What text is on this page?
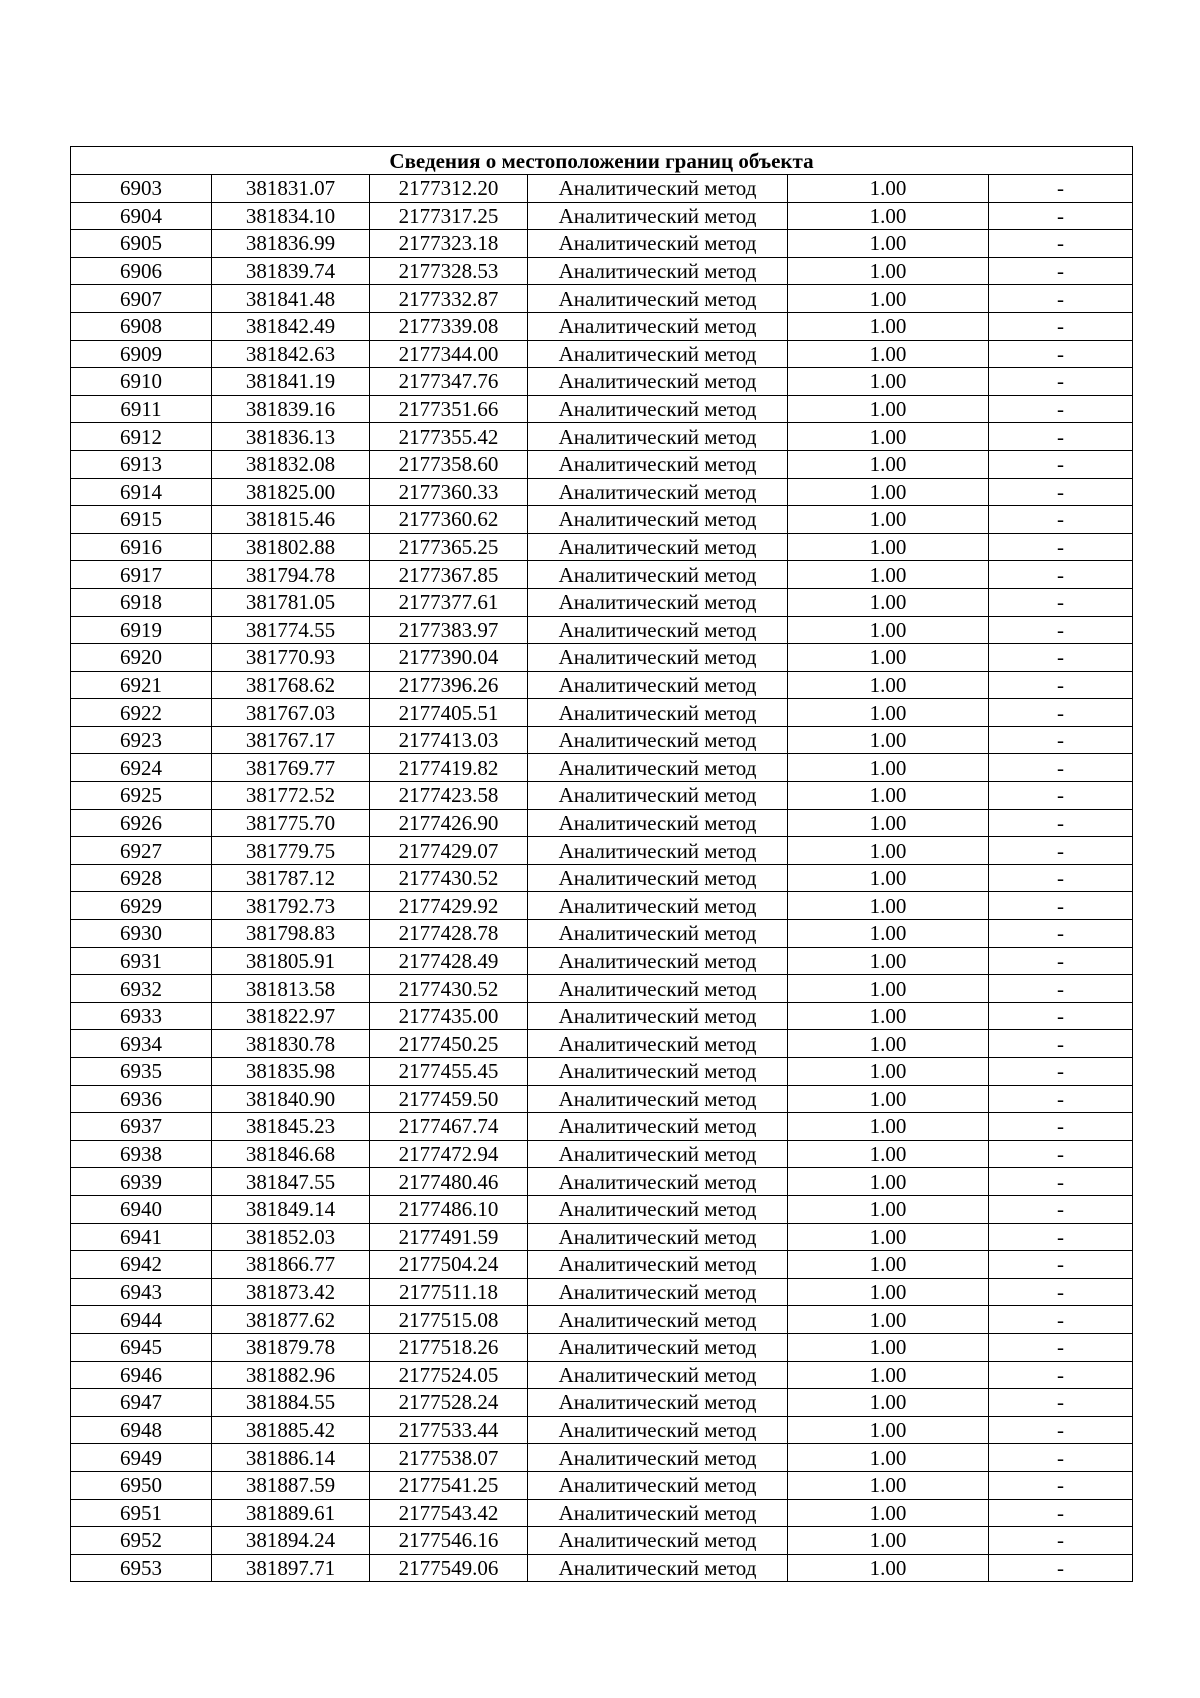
Сведения о местоположении границ объекта					
6903	381831.07	2177312.20	Аналитический метод	1.00	-
6904	381834.10	2177317.25	Аналитический метод	1.00	-
6905	381836.99	2177323.18	Аналитический метод	1.00	-
6906	381839.74	2177328.53	Аналитический метод	1.00	-
6907	381841.48	2177332.87	Аналитический метод	1.00	-
6908	381842.49	2177339.08	Аналитический метод	1.00	-
6909	381842.63	2177344.00	Аналитический метод	1.00	-
6910	381841.19	2177347.76	Аналитический метод	1.00	-
6911	381839.16	2177351.66	Аналитический метод	1.00	-
6912	381836.13	2177355.42	Аналитический метод	1.00	-
6913	381832.08	2177358.60	Аналитический метод	1.00	-
6914	381825.00	2177360.33	Аналитический метод	1.00	-
6915	381815.46	2177360.62	Аналитический метод	1.00	-
6916	381802.88	2177365.25	Аналитический метод	1.00	-
6917	381794.78	2177367.85	Аналитический метод	1.00	-
6918	381781.05	2177377.61	Аналитический метод	1.00	-
6919	381774.55	2177383.97	Аналитический метод	1.00	-
6920	381770.93	2177390.04	Аналитический метод	1.00	-
6921	381768.62	2177396.26	Аналитический метод	1.00	-
6922	381767.03	2177405.51	Аналитический метод	1.00	-
6923	381767.17	2177413.03	Аналитический метод	1.00	-
6924	381769.77	2177419.82	Аналитический метод	1.00	-
6925	381772.52	2177423.58	Аналитический метод	1.00	-
6926	381775.70	2177426.90	Аналитический метод	1.00	-
6927	381779.75	2177429.07	Аналитический метод	1.00	-
6928	381787.12	2177430.52	Аналитический метод	1.00	-
6929	381792.73	2177429.92	Аналитический метод	1.00	-
6930	381798.83	2177428.78	Аналитический метод	1.00	-
6931	381805.91	2177428.49	Аналитический метод	1.00	-
6932	381813.58	2177430.52	Аналитический метод	1.00	-
6933	381822.97	2177435.00	Аналитический метод	1.00	-
6934	381830.78	2177450.25	Аналитический метод	1.00	-
6935	381835.98	2177455.45	Аналитический метод	1.00	-
6936	381840.90	2177459.50	Аналитический метод	1.00	-
6937	381845.23	2177467.74	Аналитический метод	1.00	-
6938	381846.68	2177472.94	Аналитический метод	1.00	-
6939	381847.55	2177480.46	Аналитический метод	1.00	-
6940	381849.14	2177486.10	Аналитический метод	1.00	-
6941	381852.03	2177491.59	Аналитический метод	1.00	-
6942	381866.77	2177504.24	Аналитический метод	1.00	-
6943	381873.42	2177511.18	Аналитический метод	1.00	-
6944	381877.62	2177515.08	Аналитический метод	1.00	-
6945	381879.78	2177518.26	Аналитический метод	1.00	-
6946	381882.96	2177524.05	Аналитический метод	1.00	-
6947	381884.55	2177528.24	Аналитический метод	1.00	-
6948	381885.42	2177533.44	Аналитический метод	1.00	-
6949	381886.14	2177538.07	Аналитический метод	1.00	-
6950	381887.59	2177541.25	Аналитический метод	1.00	-
6951	381889.61	2177543.42	Аналитический метод	1.00	-
6952	381894.24	2177546.16	Аналитический метод	1.00	-
6953	381897.71	2177549.06	Аналитический метод	1.00	-
